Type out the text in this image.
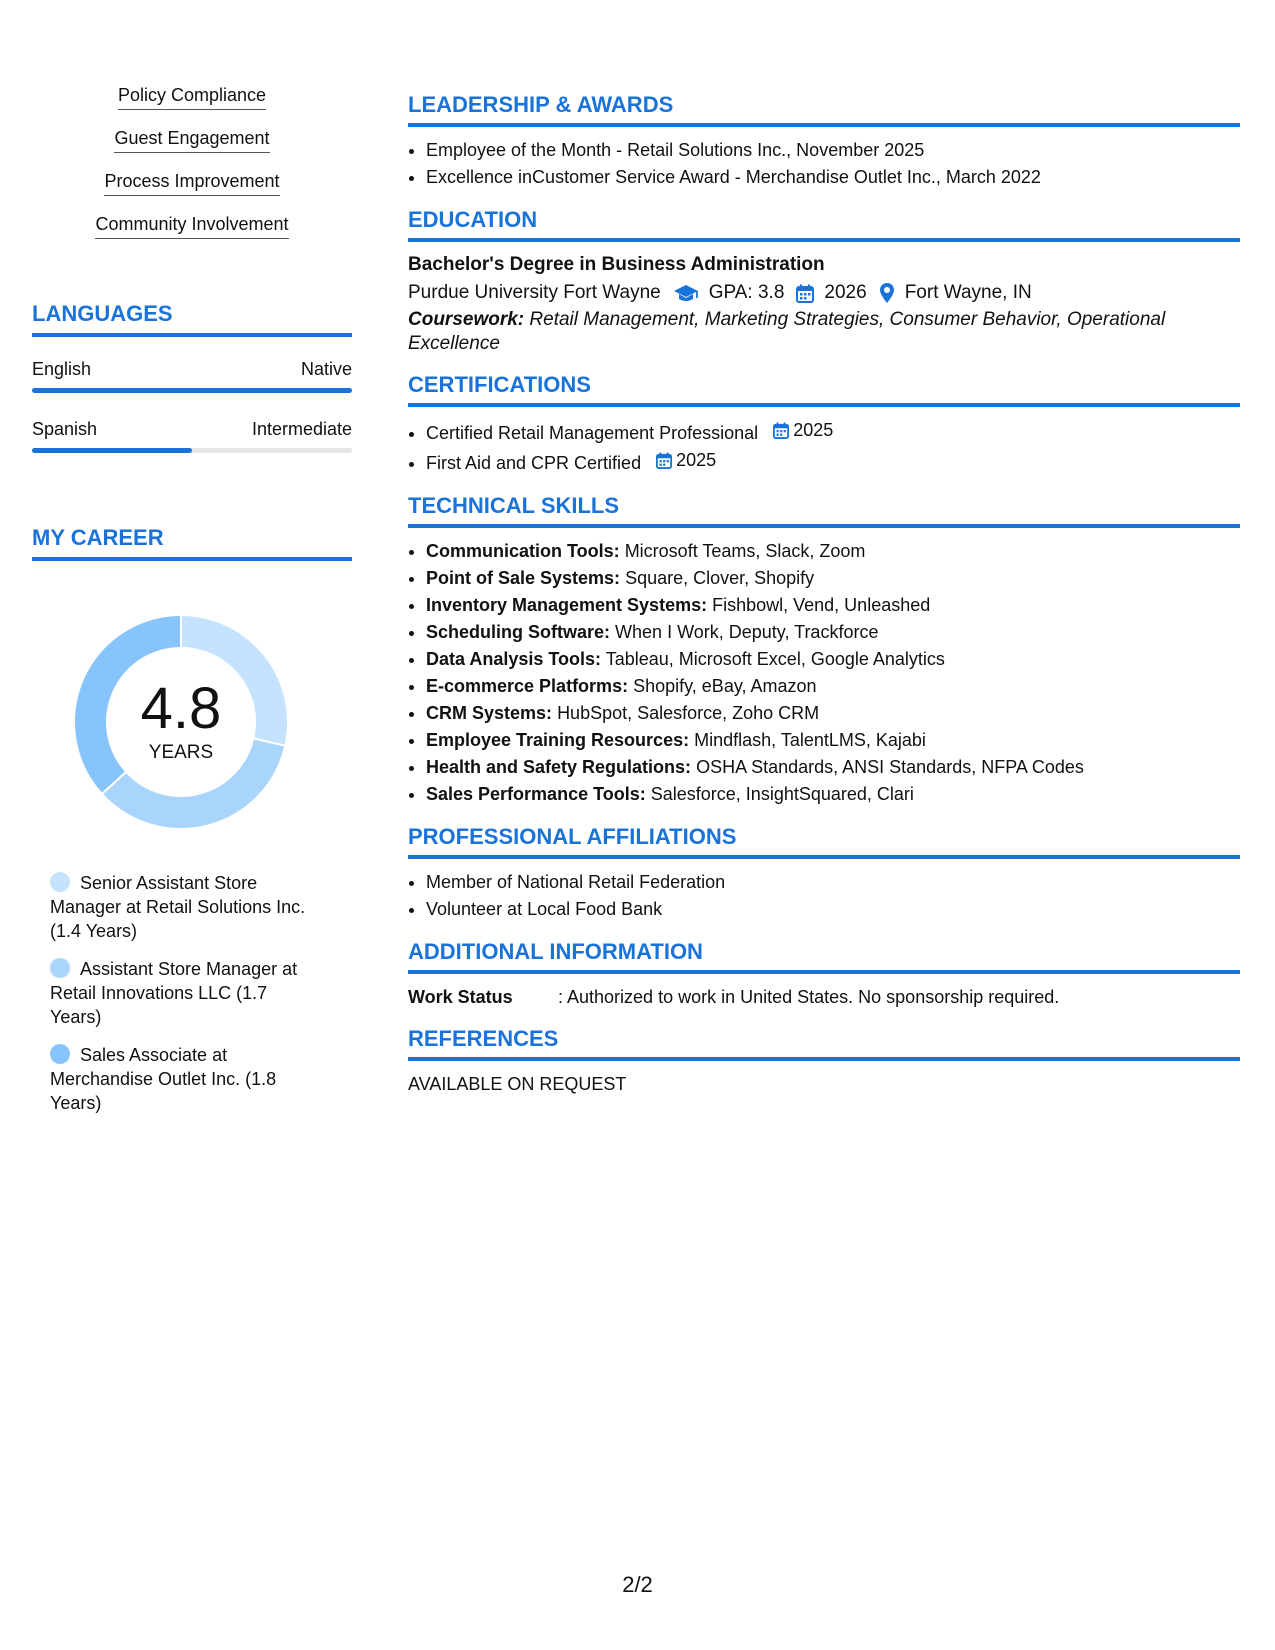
Policy Compliance
Guest Engagement
Process Improvement
Community Involvement
LANGUAGES
English	Native
Spanish	Intermediate
MY CAREER
4.8
YEARS
Senior Assistant Store Manager at Retail Solutions Inc. (1.4 Years)
Assistant Store Manager at Retail Innovations LLC (1.7 Years)
Sales Associate at Merchandise Outlet Inc. (1.8 Years)
LEADERSHIP & AWARDS
• Employee of the Month - Retail Solutions Inc., November 2025
• Excellence inCustomer Service Award - Merchandise Outlet Inc., March 2022
EDUCATION
Bachelor's Degree in Business Administration
Purdue University Fort Wayne	GPA: 3.8 2026 Fort Wayne, IN
Coursework: Retail Management, Marketing Strategies, Consumer Behavior, Operational Excellence
CERTIFICATIONS
• Certified Retail Management Professional 2025
• First Aid and CPR Certified 2025
TECHNICAL SKILLS
• Communication Tools: Microsoft Teams, Slack, Zoom
• Point of Sale Systems: Square, Clover, Shopify
• Inventory Management Systems: Fishbowl, Vend, Unleashed
• Scheduling Software: When I Work, Deputy, Trackforce
• Data Analysis Tools: Tableau, Microsoft Excel, Google Analytics
• E-commerce Platforms: Shopify, eBay, Amazon
• CRM Systems: HubSpot, Salesforce, Zoho CRM
• Employee Training Resources: Mindflash, TalentLMS, Kajabi
• Health and Safety Regulations: OSHA Standards, ANSI Standards, NFPA Codes
• Sales Performance Tools: Salesforce, InsightSquared, Clari
PROFESSIONAL AFFILIATIONS
• Member of National Retail Federation
• Volunteer at Local Food Bank
ADDITIONAL INFORMATION
Work Status	: Authorized to work in United States. No sponsorship required.
REFERENCES
AVAILABLE ON REQUEST
2/2
